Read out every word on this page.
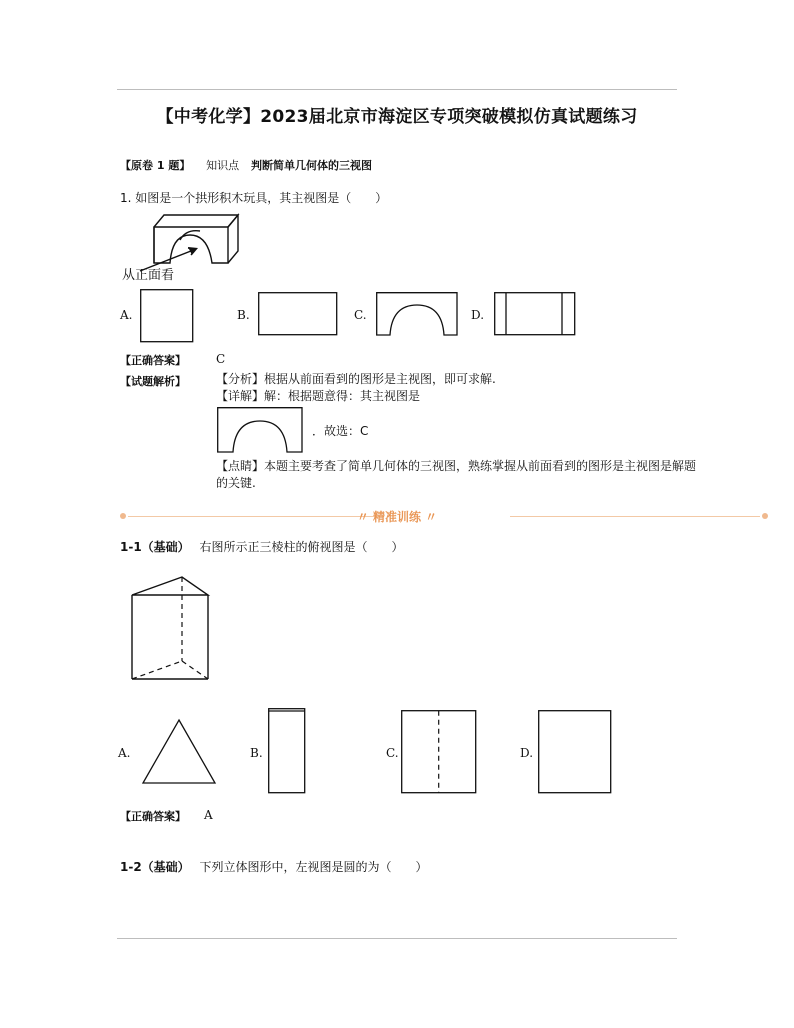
【中考化学】2023届北京市海淀区专项突破模拟仿真试题练习
【原卷 1 题】 知识点 判断简单几何体的三视图
1. 如图是一个拱形积木玩具，其主视图是（　　）
从正面看
A.	B.	C.	D.
【正确答案】	C
【试题解析】	【分析】根据从前面看到的图形是主视图，即可求解.
【详解】解：根据题意得：其主视图是
．故选：C
【点睛】本题主要考查了简单几何体的三视图，熟练掌握从前面看到的图形是主视图是解题
的关键.
〃 精准训练 〃
1-1（基础） 右图所示正三棱柱的俯视图是（　　）
A.	B.	C.	D.
【正确答案】 A
1-2（基础） 下列立体图形中，左视图是圆的为（　　）
